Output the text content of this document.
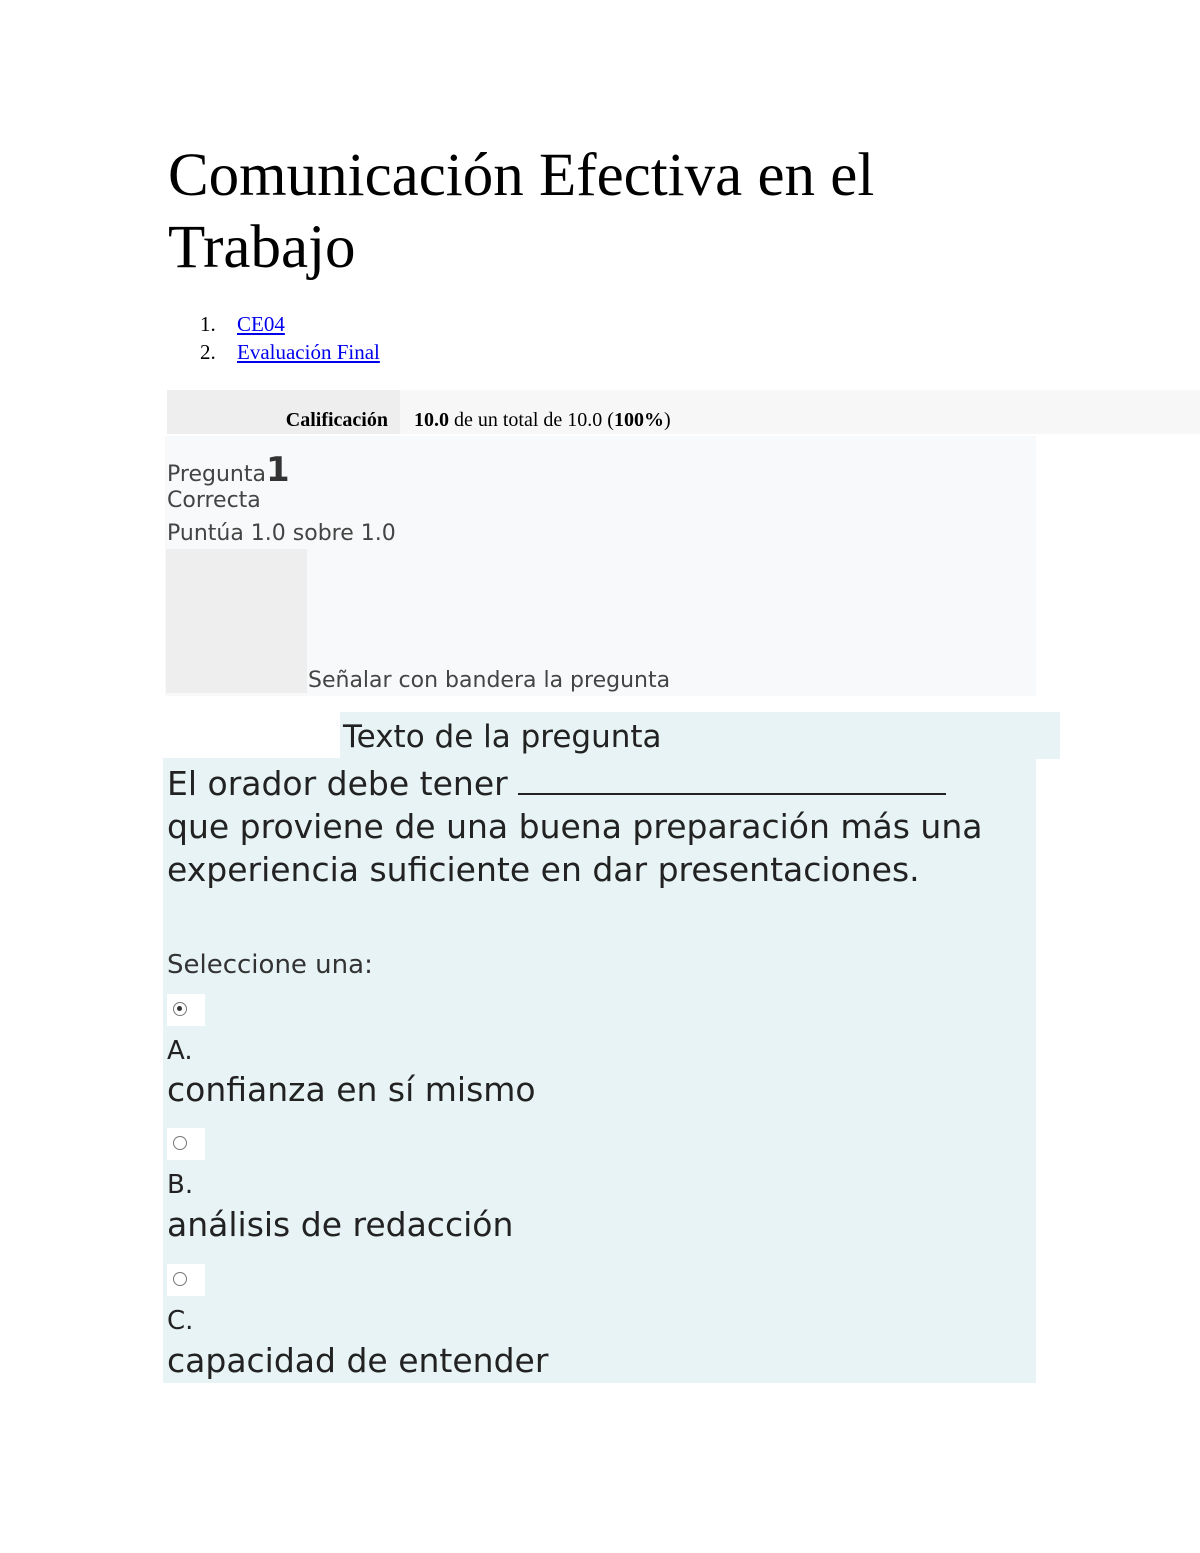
Comunicación Efectiva en el Trabajo
1. CE04
2. Evaluación Final
Calificación	10.0 de un total de 10.0 (100%)
Pregunta1
Correcta
Puntúa 1.0 sobre 1.0
Señalar con bandera la pregunta
Texto de la pregunta
El orador debe tener
que proviene de una buena preparación más una experiencia suficiente en dar presentaciones.
Seleccione una:
A.
confianza en sí mismo
B.
análisis de redacción
C.
capacidad de entender
